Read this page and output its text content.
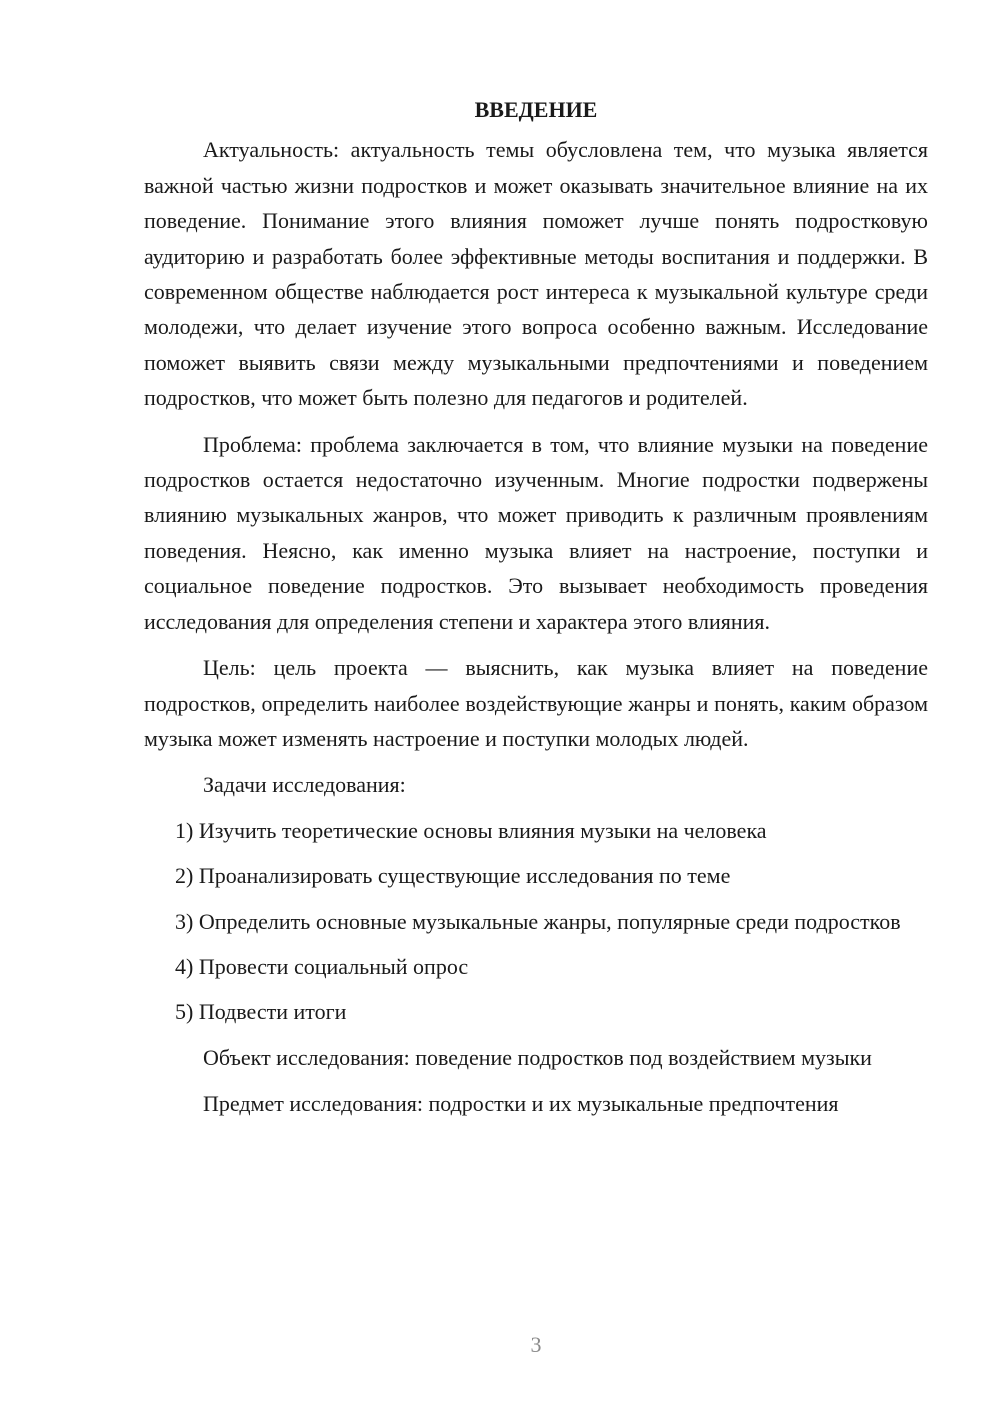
ВВЕДЕНИЕ

Актуальность: актуальность темы обусловлена тем, что музыка является важной частью жизни подростков и может оказывать значительное влияние на их поведение. Понимание этого влияния поможет лучше понять подростковую аудиторию и разработать более эффективные методы воспитания и поддержки. В современном обществе наблюдается рост интереса к музыкальной культуре среди молодежи, что делает изучение этого вопроса особенно важным. Исследование поможет выявить связи между музыкальными предпочтениями и поведением подростков, что может быть полезно для педагогов и родителей.

Проблема: проблема заключается в том, что влияние музыки на поведение подростков остается недостаточно изученным. Многие подростки подвержены влиянию музыкальных жанров, что может приводить к различным проявлениям поведения. Неясно, как именно музыка влияет на настроение, поступки и социальное поведение подростков. Это вызывает необходимость проведения исследования для определения степени и характера этого влияния.

Цель: цель проекта — выяснить, как музыка влияет на поведение подростков, определить наиболее воздействующие жанры и понять, каким образом музыка может изменять настроение и поступки молодых людей.

Задачи исследования:

1) Изучить теоретические основы влияния музыки на человека

2) Проанализировать существующие исследования по теме

3) Определить основные музыкальные жанры, популярные среди подростков

4) Провести социальный опрос

5) Подвести итоги

Объект исследования: поведение подростков под воздействием музыки

Предмет исследования: подростки и их музыкальные предпочтения

3
